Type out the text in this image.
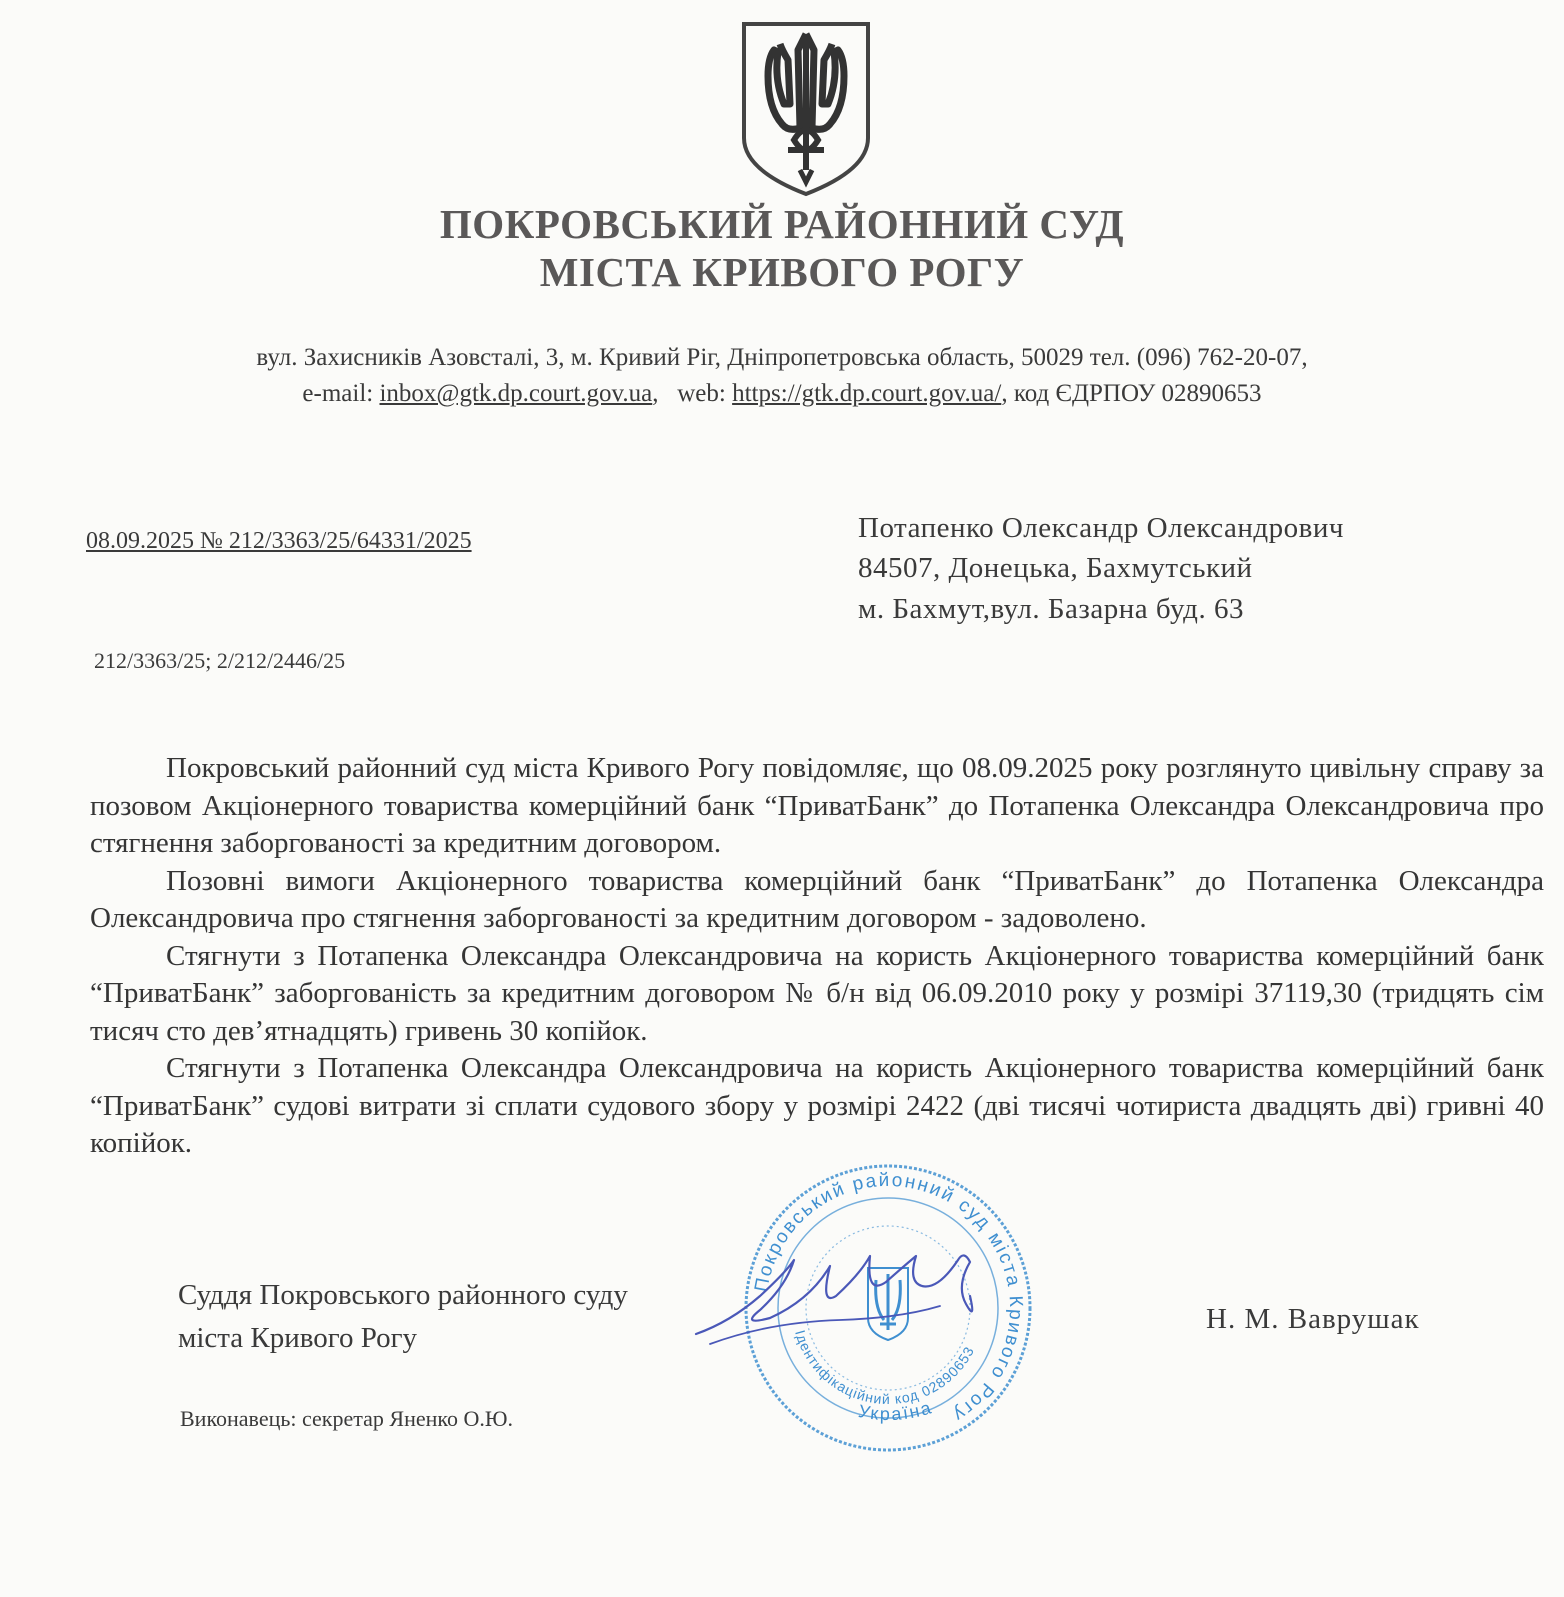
ПОКРОВСЬКИЙ РАЙОННИЙ СУД
МІСТА КРИВОГО РОГУ
вул. Захисників Азовсталі, 3, м. Кривий Ріг, Дніпропетровська область, 50029 тел. (096) 762-20-07,
e-mail: inbox@gtk.dp.court.gov.ua,   web: https://gtk.dp.court.gov.ua/, код ЄДРПОУ 02890653
08.09.2025 № 212/3363/25/64331/2025
212/3363/25; 2/212/2446/25
Потапенко Олександр Олександрович
84507, Донецька, Бахмутський
м. Бахмут,вул. Базарна буд. 63

Покровський районний суд міста Кривого Рогу повідомляє, що 08.09.2025 року розглянуто цивільну справу за позовом Акціонерного товариства комерційний банк “ПриватБанк” до Потапенка Олександра Олександровича про стягнення заборгованості за кредитним договором.

Позовні вимоги Акціонерного товариства комерційний банк “ПриватБанк” до Потапенка Олександра Олександровича про стягнення заборгованості за кредитним договором - задоволено.

Стягнути з Потапенка Олександра Олександровича на користь Акціонерного товариства комерційний банк “ПриватБанк” заборгованість за кредитним договором № б/н від 06.09.2010 року у розмірі 37119,30 (тридцять сім тисяч сто дев’ятнадцять) гривень 30 копійок.

Стягнути з Потапенка Олександра Олександровича на користь Акціонерного товариства комерційний банк “ПриватБанк” судові витрати зі сплати судового збору у розмірі 2422 (дві тисячі чотириста двадцять дві) гривні 40 копійок.

Покровський районний суд міста Кривого Рогу
Ідентифікаційний код 02890653
Україна
Суддя Покровського районного суду
міста Кривого Рогу
Н. М. Ваврушак
Виконавець: секретар Яненко О.Ю.
